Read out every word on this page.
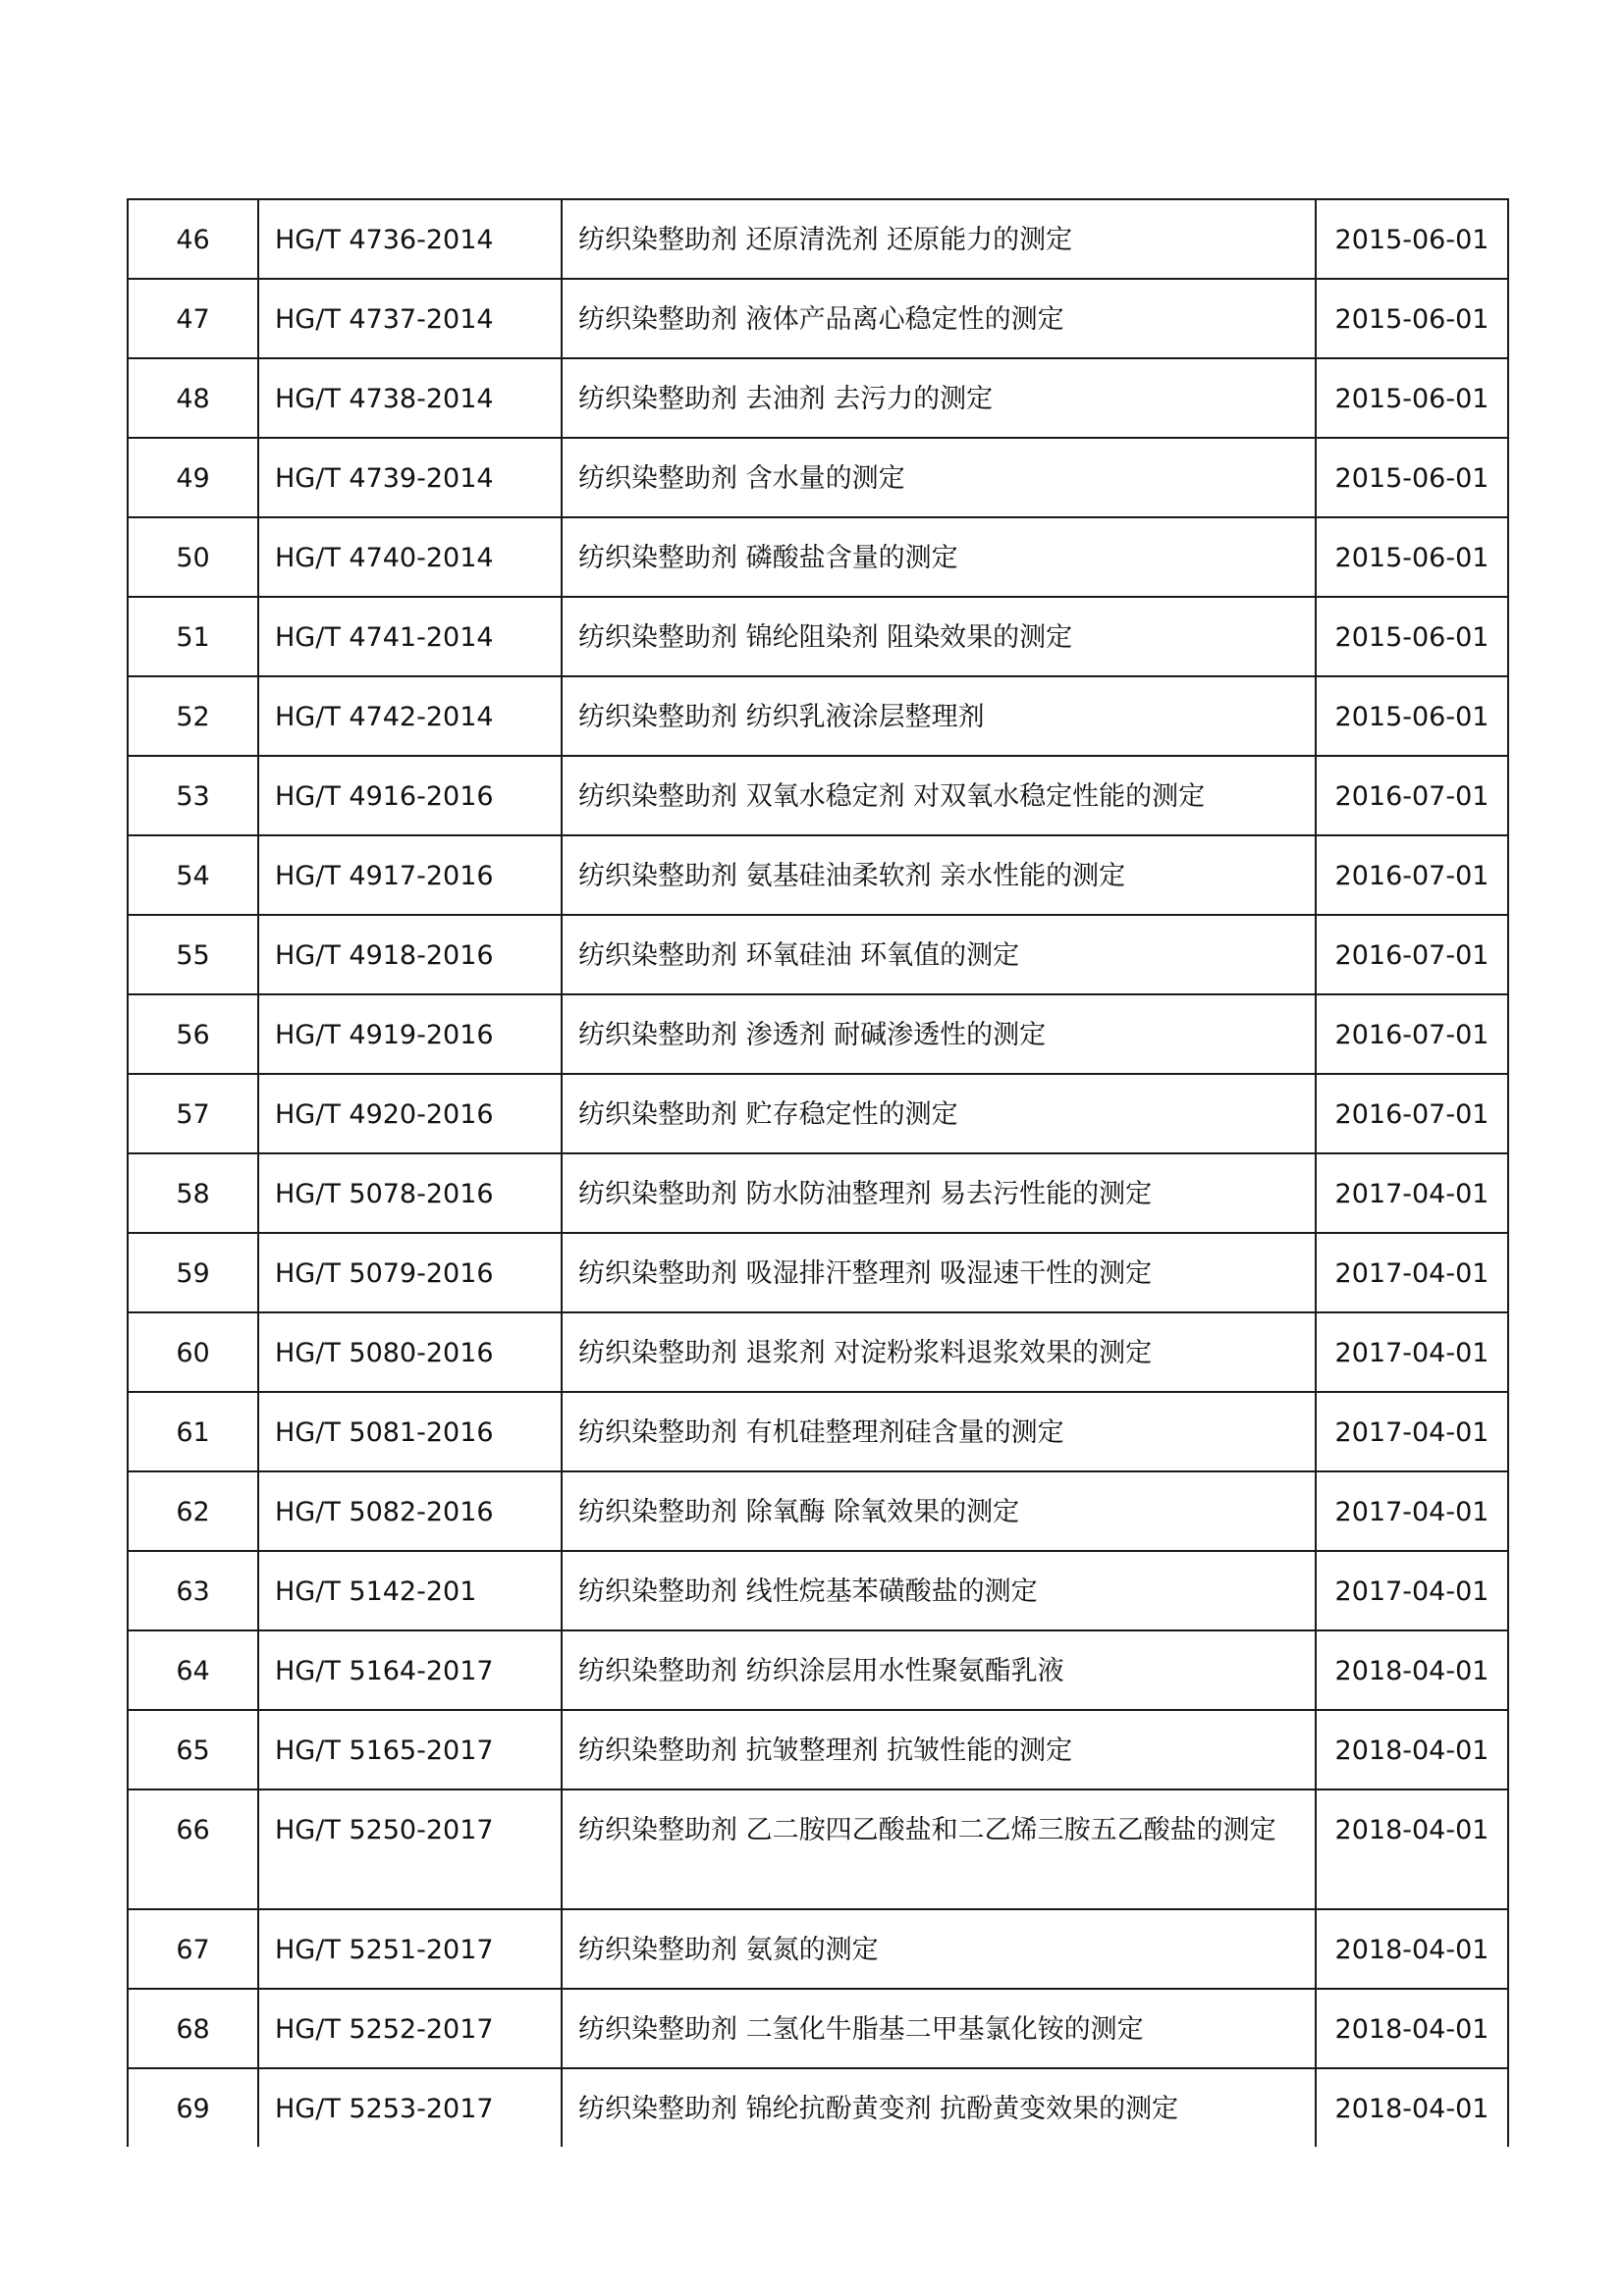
46	HG/T 4736-2014	纺织染整助剂 还原清洗剂 还原能力的测定	2015-06-01

47	HG/T 4737-2014	纺织染整助剂 液体产品离心稳定性的测定	2015-06-01

48	HG/T 4738-2014	纺织染整助剂 去油剂 去污力的测定	2015-06-01

49	HG/T 4739-2014	纺织染整助剂 含水量的测定	2015-06-01

50	HG/T 4740-2014	纺织染整助剂 磷酸盐含量的测定	2015-06-01

51	HG/T 4741-2014	纺织染整助剂 锦纶阻染剂 阻染效果的测定	2015-06-01

52	HG/T 4742-2014	纺织染整助剂 纺织乳液涂层整理剂	2015-06-01

53	HG/T 4916-2016	纺织染整助剂 双氧水稳定剂 对双氧水稳定性能的测定	2016-07-01

54	HG/T 4917-2016	纺织染整助剂 氨基硅油柔软剂 亲水性能的测定	2016-07-01

55	HG/T 4918-2016	纺织染整助剂 环氧硅油 环氧值的测定	2016-07-01

56	HG/T 4919-2016	纺织染整助剂 渗透剂 耐碱渗透性的测定	2016-07-01

57	HG/T 4920-2016	纺织染整助剂 贮存稳定性的测定	2016-07-01

58	HG/T 5078-2016	纺织染整助剂 防水防油整理剂 易去污性能的测定	2017-04-01

59	HG/T 5079-2016	纺织染整助剂 吸湿排汗整理剂 吸湿速干性的测定	2017-04-01

60	HG/T 5080-2016	纺织染整助剂 退浆剂 对淀粉浆料退浆效果的测定	2017-04-01

61	HG/T 5081-2016	纺织染整助剂 有机硅整理剂硅含量的测定	2017-04-01

62	HG/T 5082-2016	纺织染整助剂 除氧酶 除氧效果的测定	2017-04-01

63	HG/T 5142-201	纺织染整助剂 线性烷基苯磺酸盐的测定	2017-04-01

64	HG/T 5164-2017	纺织染整助剂 纺织涂层用水性聚氨酯乳液	2018-04-01

65	HG/T 5165-2017	纺织染整助剂 抗皱整理剂 抗皱性能的测定	2018-04-01

66	HG/T 5250-2017	纺织染整助剂 乙二胺四乙酸盐和二乙烯三胺五乙酸盐的测定	2018-04-01

67	HG/T 5251-2017	纺织染整助剂 氨氮的测定	2018-04-01

68	HG/T 5252-2017	纺织染整助剂 二氢化牛脂基二甲基氯化铵的测定	2018-04-01

69	HG/T 5253-2017	纺织染整助剂 锦纶抗酚黄变剂 抗酚黄变效果的测定	2018-04-01
